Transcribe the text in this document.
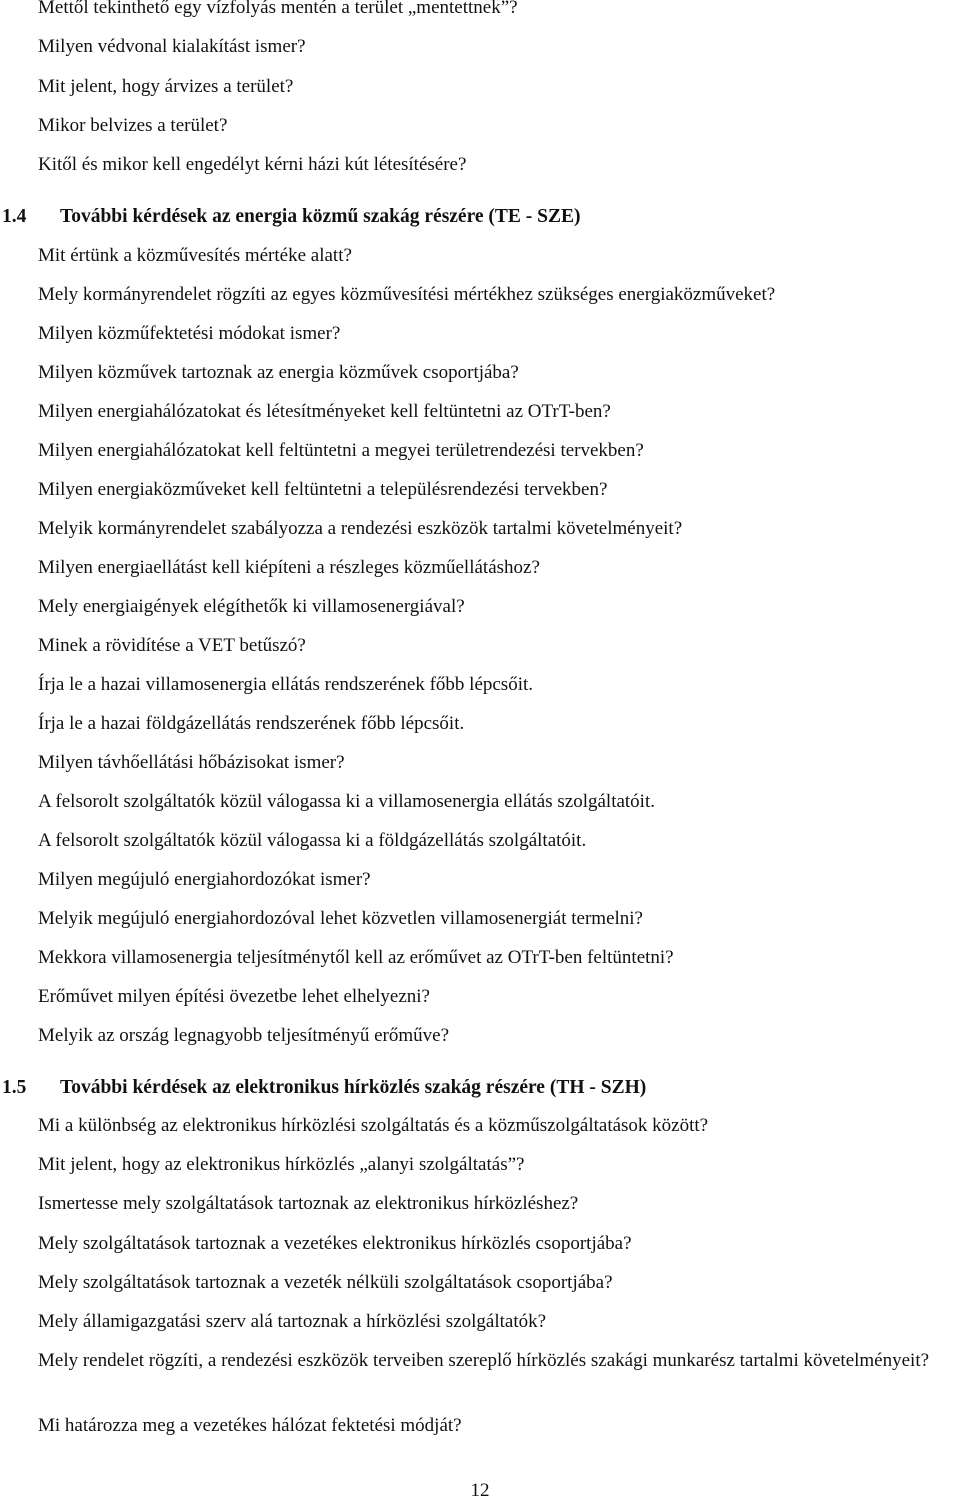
Mettől tekinthető egy vízfolyás mentén a terület „mentettnek”?
Milyen védvonal kialakítást ismer?
Mit jelent, hogy árvizes a terület?
Mikor belvizes a terület?
Kitől és mikor kell engedélyt kérni házi kút létesítésére?
1.4 További kérdések az energia közmű szakág részére (TE - SZE)
Mit értünk a közművesítés mértéke alatt?
Mely kormányrendelet rögzíti az egyes közművesítési mértékhez szükséges energiaközműveket?
Milyen közműfektetési módokat ismer?
Milyen közművek tartoznak az energia közművek csoportjába?
Milyen energiahálózatokat és létesítményeket kell feltüntetni az OTrT-ben?
Milyen energiahálózatokat kell feltüntetni a megyei területrendezési tervekben?
Milyen energiaközműveket kell feltüntetni a településrendezési tervekben?
Melyik kormányrendelet szabályozza a rendezési eszközök tartalmi követelményeit?
Milyen energiaellátást kell kiépíteni a részleges közműellátáshoz?
Mely energiaigények elégíthetők ki villamosenergiával?
Minek a rövidítése a VET betűszó?
Írja le a hazai villamosenergia ellátás rendszerének főbb lépcsőit.
Írja le a hazai földgázellátás rendszerének főbb lépcsőit.
Milyen távhőellátási hőbázisokat ismer?
A felsorolt szolgáltatók közül válogassa ki a villamosenergia ellátás szolgáltatóit.
A felsorolt szolgáltatók közül válogassa ki a földgázellátás szolgáltatóit.
Milyen megújuló energiahordozókat ismer?
Melyik megújuló energiahordozóval lehet közvetlen villamosenergiát termelni?
Mekkora villamosenergia teljesítménytől kell az erőművet az OTrT-ben feltüntetni?
Erőművet milyen építési övezetbe lehet elhelyezni?
Melyik az ország legnagyobb teljesítményű erőműve?
1.5 További kérdések az elektronikus hírközlés szakág részére (TH - SZH)
Mi a különbség az elektronikus hírközlési szolgáltatás és a közműszolgáltatások között?
Mit jelent, hogy az elektronikus hírközlés „alanyi szolgáltatás”?
Ismertesse mely szolgáltatások tartoznak az elektronikus hírközléshez?
Mely szolgáltatások tartoznak a vezetékes elektronikus hírközlés csoportjába?
Mely szolgáltatások tartoznak a vezeték nélküli szolgáltatások csoportjába?
Mely államigazgatási szerv alá tartoznak a hírközlési szolgáltatók?
Mely rendelet rögzíti, a rendezési eszközök terveiben szereplő hírközlés szakági munkarész tartalmi követelményeit?
Mi határozza meg a vezetékes hálózat fektetési módját?
12
